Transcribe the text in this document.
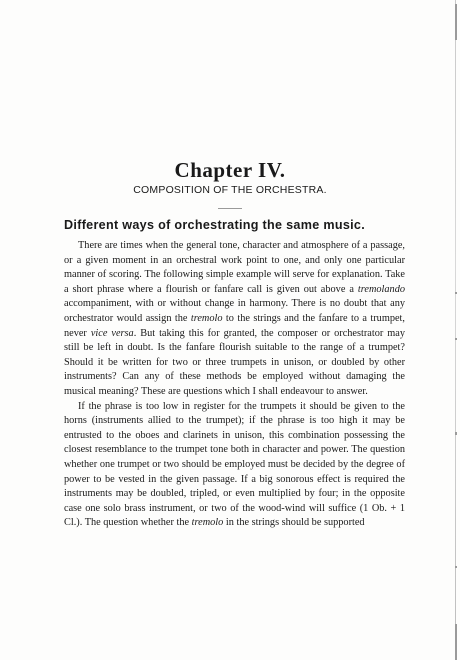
Chapter IV.
COMPOSITION OF THE ORCHESTRA.
Different ways of orchestrating the same music.

There are times when the general tone, character and atmosphere of a passage, or a given moment in an orchestral work point to one, and only one particular manner of scoring. The following simple example will serve for explanation. Take a short phrase where a flourish or fanfare call is given out above a tremolando accompaniment, with or without change in harmony. There is no doubt that any orchestrator would assign the tremolo to the strings and the fanfare to a trumpet, never vice versa. But taking this for granted, the composer or orchestrator may still be left in doubt. Is the fanfare flourish suitable to the range of a trumpet? Should it be written for two or three trumpets in unison, or doubled by other instruments? Can any of these methods be employed without damaging the musical meaning? These are questions which I shall endeavour to answer.

If the phrase is too low in register for the trumpets it should be given to the horns (instruments allied to the trumpet); if the phrase is too high it may be entrusted to the oboes and clarinets in unison, this combination possessing the closest resemblance to the trumpet tone both in character and power. The question whether one trumpet or two should be employed must be decided by the degree of power to be vested in the given passage. If a big sonorous effect is required the instruments may be doubled, tripled, or even multiplied by four; in the opposite case one solo brass instrument, or two of the wood-wind will suffice (1 Ob. + 1 Cl.). The question whether the tremolo in the strings should be supported
